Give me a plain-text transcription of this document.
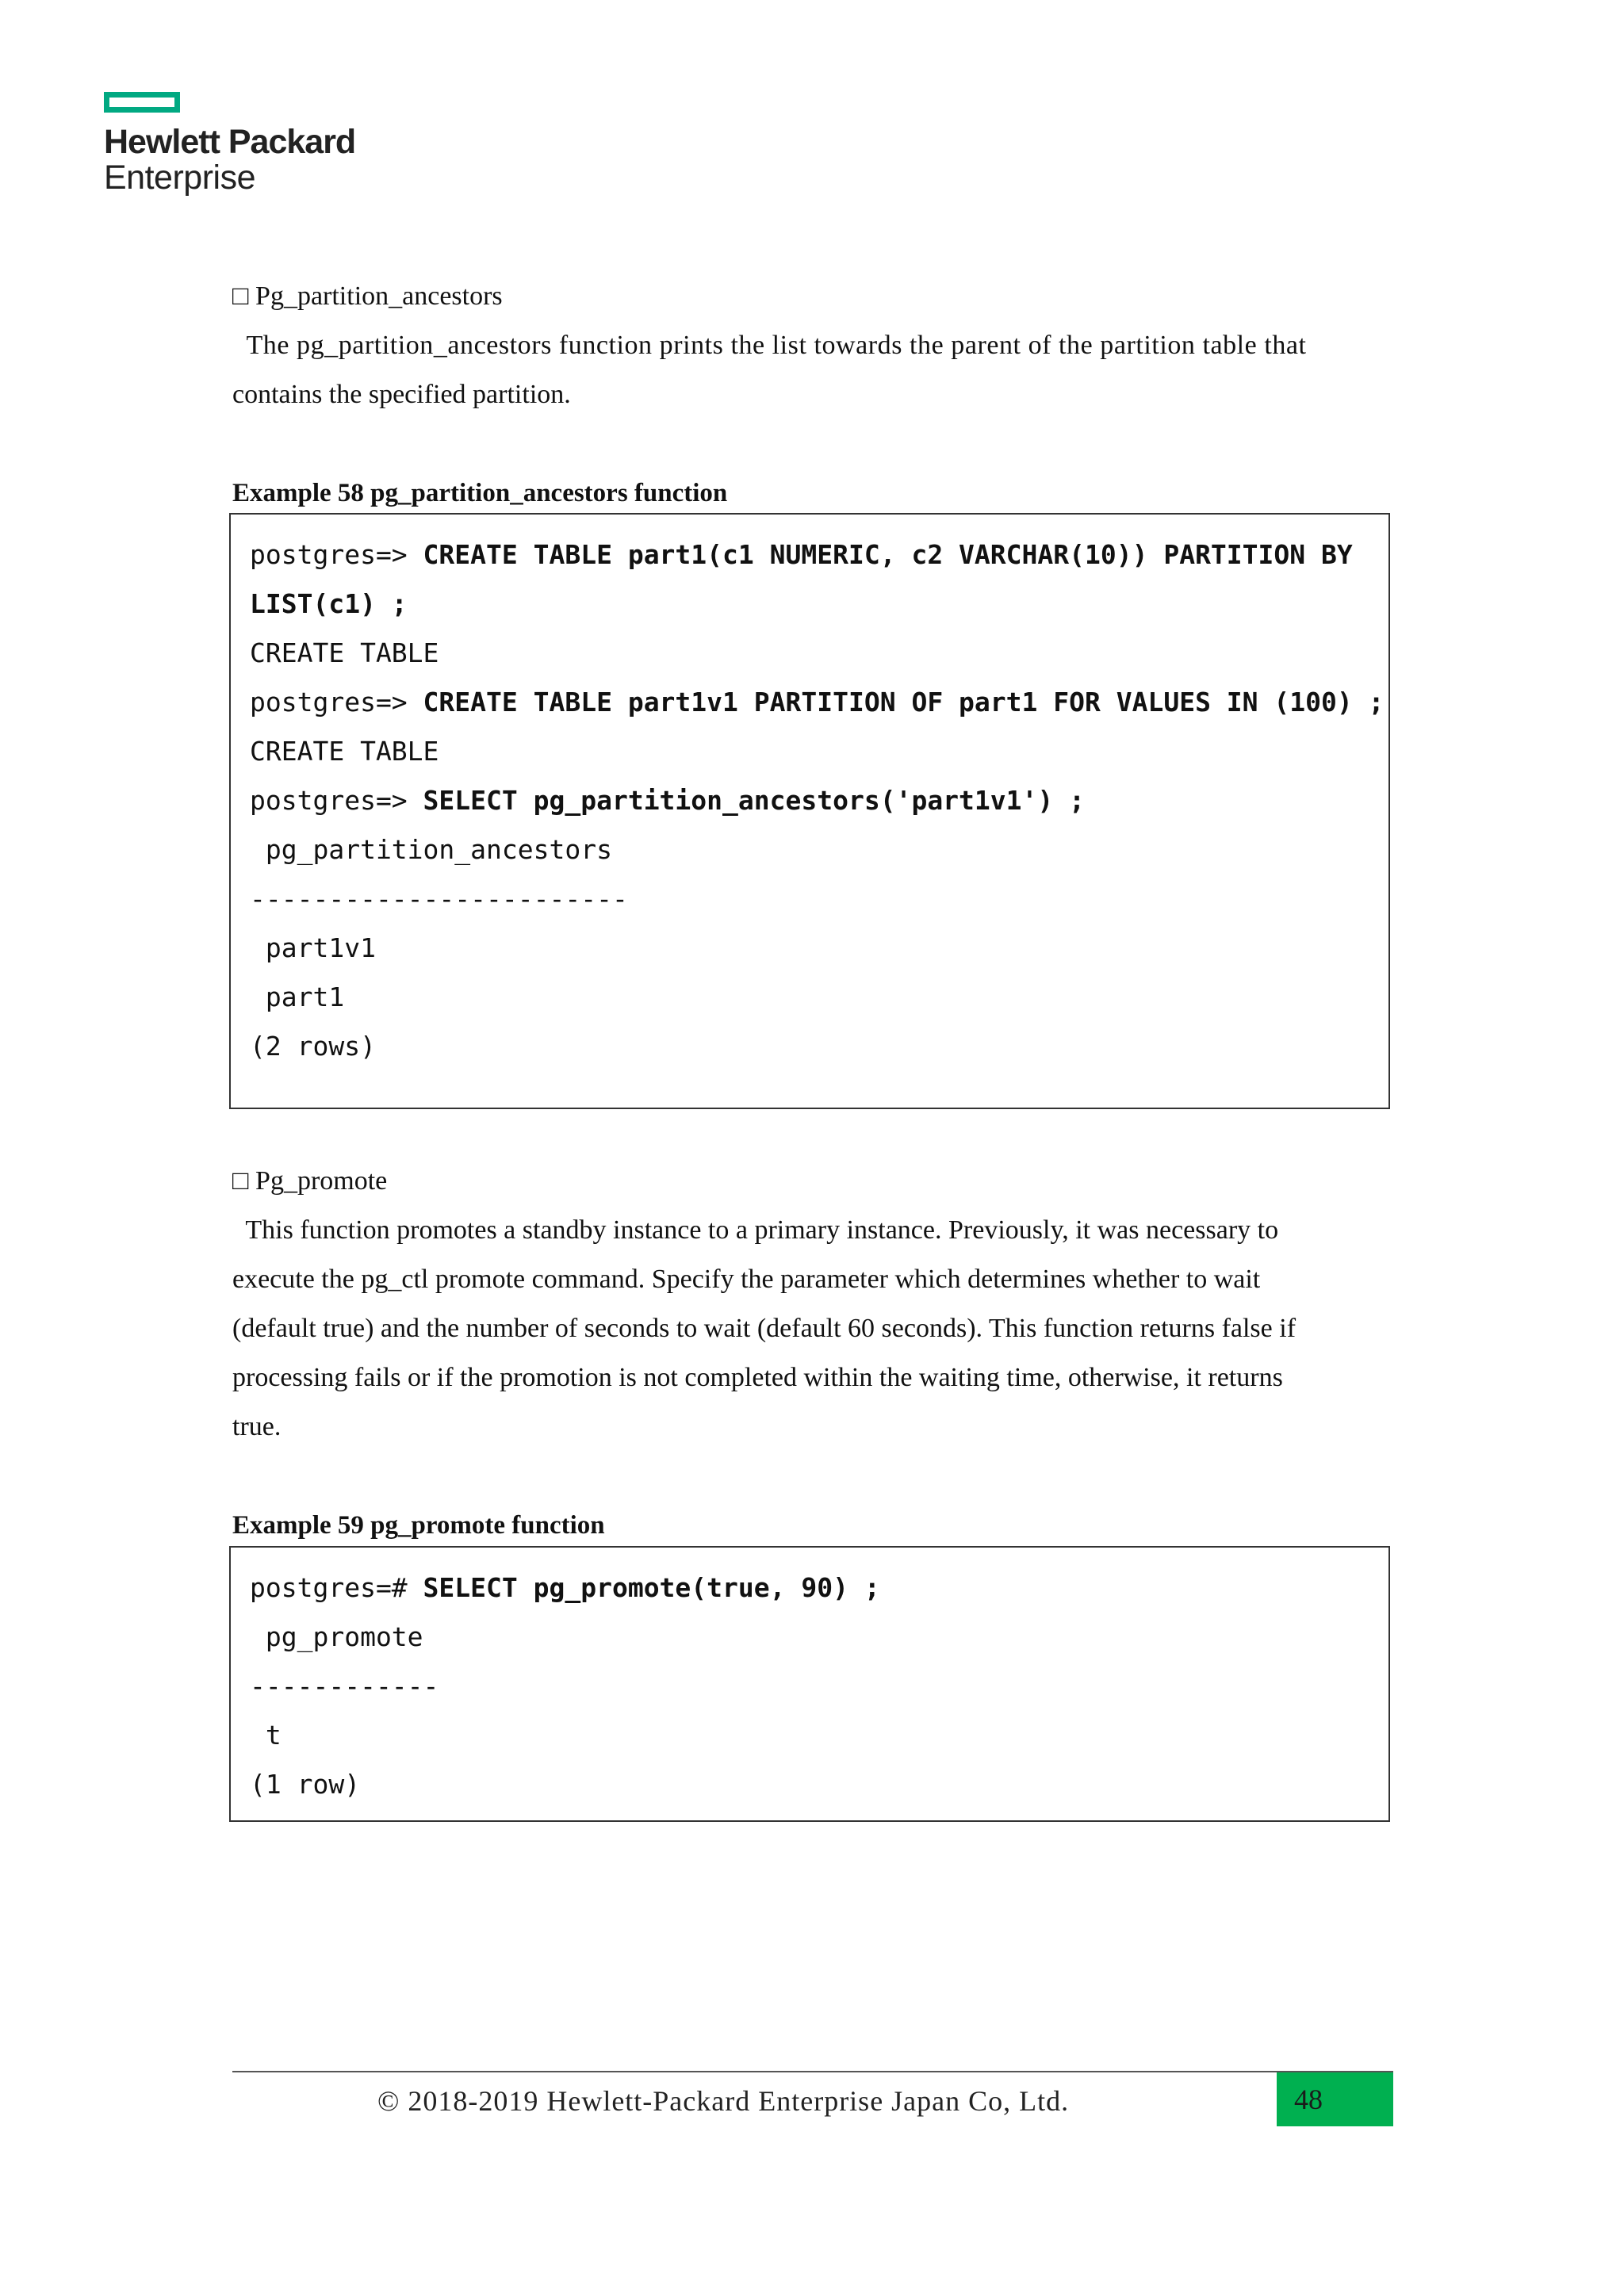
Hewlett Packard
Enterprise
□ Pg_partition_ancestors
The pg_partition_ancestors function prints the list towards the parent of the partition table that
contains the specified partition.
Example 58 pg_partition_ancestors function
postgres=> CREATE TABLE part1(c1 NUMERIC, c2 VARCHAR(10)) PARTITION BY
LIST(c1) ;
CREATE TABLE
postgres=> CREATE TABLE part1v1 PARTITION OF part1 FOR VALUES IN (100) ;
CREATE TABLE
postgres=> SELECT pg_partition_ancestors('part1v1') ;
pg_partition_ancestors
------------------------
part1v1
part1
(2 rows)
□ Pg_promote
This function promotes a standby instance to a primary instance. Previously, it was necessary to
execute the pg_ctl promote command. Specify the parameter which determines whether to wait
(default true) and the number of seconds to wait (default 60 seconds). This function returns false if
processing fails or if the promotion is not completed within the waiting time, otherwise, it returns
true.
Example 59 pg_promote function
postgres=# SELECT pg_promote(true, 90) ;
pg_promote
------------
t
(1 row)
© 2018-2019 Hewlett-Packard Enterprise Japan Co, Ltd.	48
